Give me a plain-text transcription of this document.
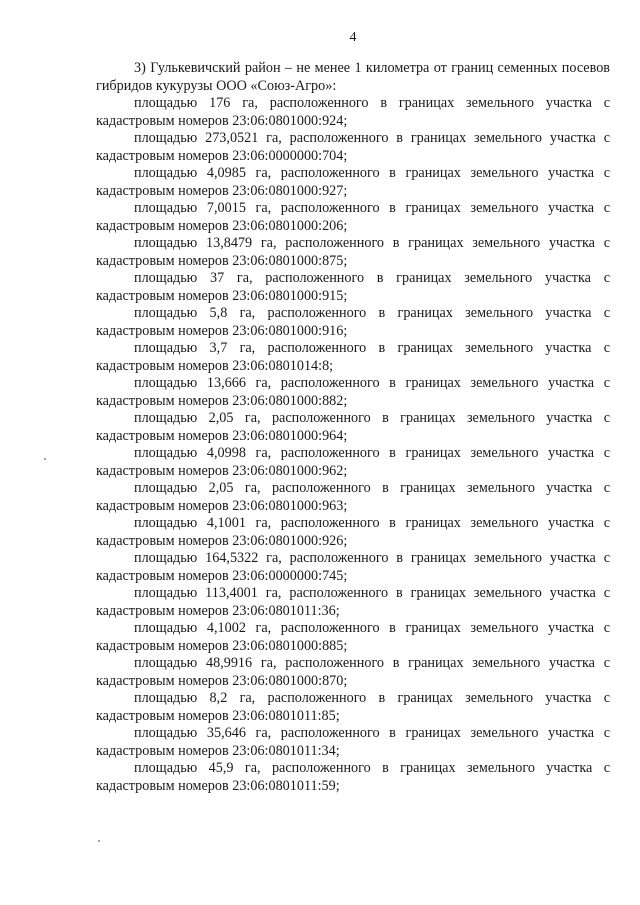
4

3) Гулькевичский район – не менее 1 километра от границ семенных посевов гибридов кукурузы ООО «Союз-Агро»:

площадью 176 га, расположенного в границах земельного участка с кадастровым номеров 23:06:0801000:924;

площадью 273,0521 га, расположенного в границах земельного участка с кадастровым номеров 23:06:0000000:704;

площадью 4,0985 га, расположенного в границах земельного участка с кадастровым номеров 23:06:0801000:927;

площадью 7,0015 га, расположенного в границах земельного участка с кадастровым номеров 23:06:0801000:206;

площадью 13,8479 га, расположенного в границах земельного участка с кадастровым номеров 23:06:0801000:875;

площадью 37 га, расположенного в границах земельного участка с кадастровым номеров 23:06:0801000:915;

площадью 5,8 га, расположенного в границах земельного участка с кадастровым номеров 23:06:0801000:916;

площадью 3,7 га, расположенного в границах земельного участка с кадастровым номеров 23:06:0801014:8;

площадью 13,666 га, расположенного в границах земельного участка с кадастровым номеров 23:06:0801000:882;

площадью 2,05 га, расположенного в границах земельного участка с кадастровым номеров 23:06:0801000:964;

площадью 4,0998 га, расположенного в границах земельного участка с кадастровым номеров 23:06:0801000:962;

площадью 2,05 га, расположенного в границах земельного участка с кадастровым номеров 23:06:0801000:963;

площадью 4,1001 га, расположенного в границах земельного участка с кадастровым номеров 23:06:0801000:926;

площадью 164,5322 га, расположенного в границах земельного участка с кадастровым номеров 23:06:0000000:745;

площадью 113,4001 га, расположенного в границах земельного участка с кадастровым номеров 23:06:0801011:36;

площадью 4,1002 га, расположенного в границах земельного участка с кадастровым номеров 23:06:0801000:885;

площадью 48,9916 га, расположенного в границах земельного участка с кадастровым номеров 23:06:0801000:870;

площадью 8,2 га, расположенного в границах земельного участка с кадастровым номеров 23:06:0801011:85;

площадью 35,646 га, расположенного в границах земельного участка с кадастровым номеров 23:06:0801011:34;

площадью 45,9 га, расположенного в границах земельного участка с кадастровым номеров 23:06:0801011:59;
